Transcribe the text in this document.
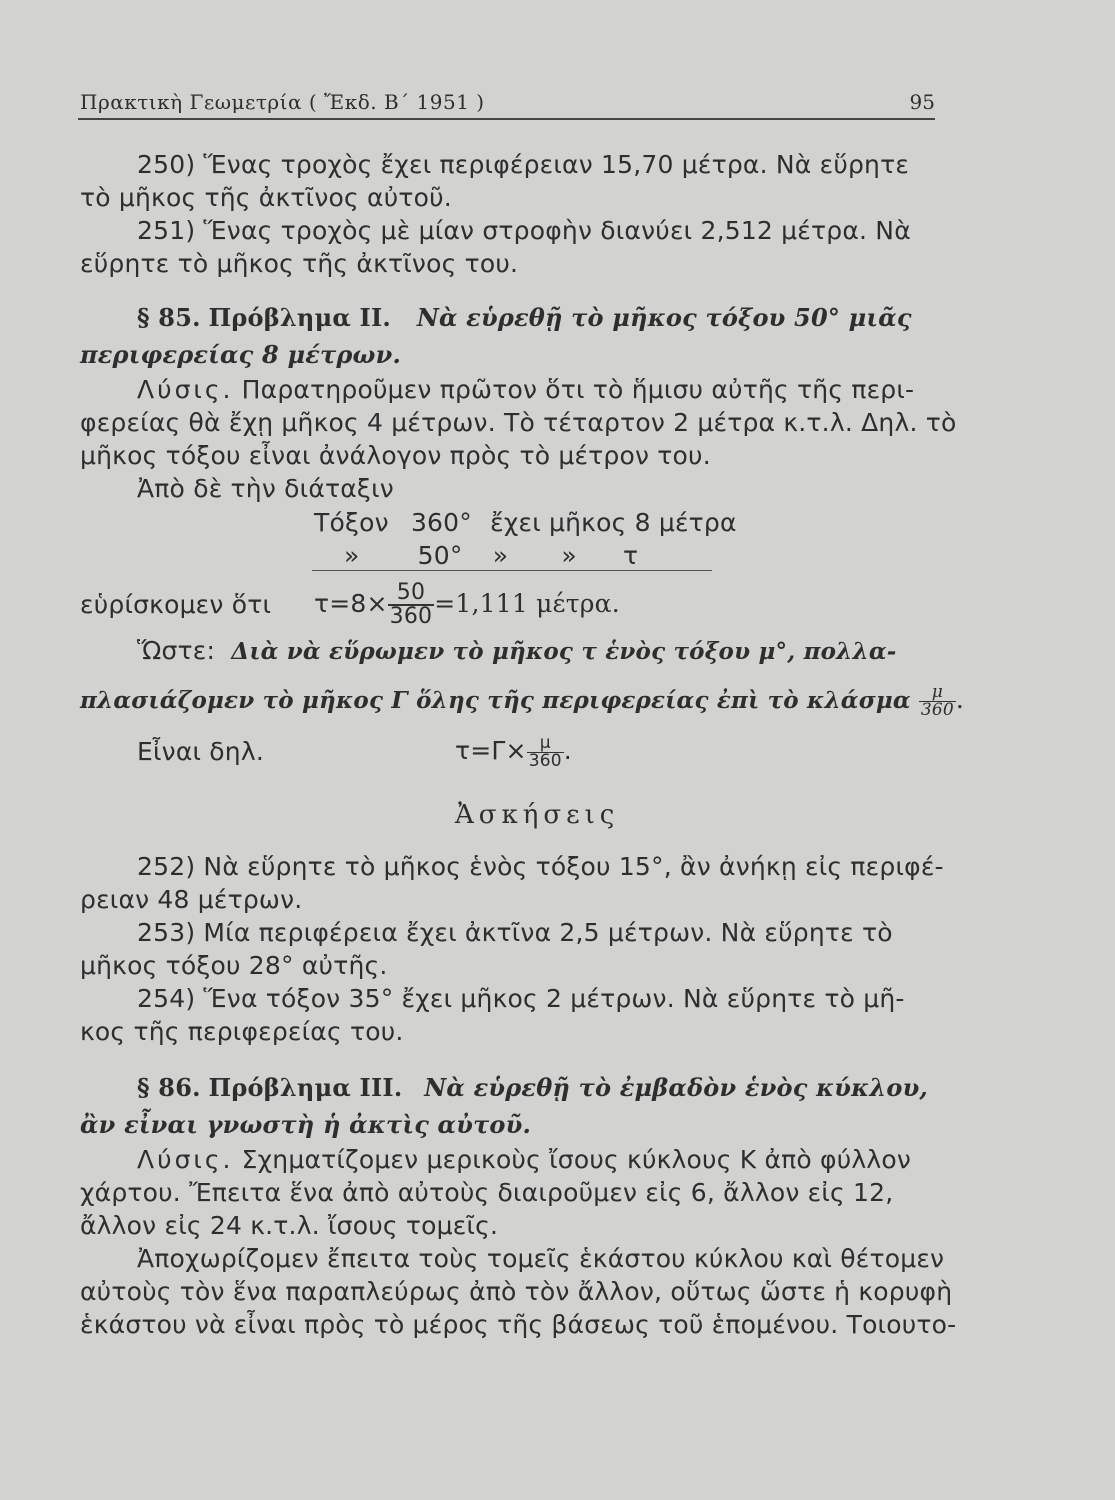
Πρακτικὴ Γεωμετρία ( Ἔκδ. Β΄ 1951 )	95
250) Ἕνας τροχὸς ἔχει περιφέρειαν 15,70 μέτρα. Νὰ εὕρητε
τὸ μῆκος τῆς ἀκτῖνος αὐτοῦ.
251) Ἕνας τροχὸς μὲ μίαν στροφὴν διανύει 2,512 μέτρα. Νὰ
εὕρητε τὸ μῆκος τῆς ἀκτῖνος του.
§ 85. Πρόβλημα ΙΙ. Νὰ εὑρεθῇ τὸ μῆκος τόξου 50° μιᾶς
περιφερείας 8 μέτρων.
Λύσις. Παρατηροῦμεν πρῶτον ὅτι τὸ ἥμισυ αὐτῆς τῆς περι-
φερείας θὰ ἔχῃ μῆκος 4 μέτρων. Τὸ τέταρτον 2 μέτρα κ.τ.λ. Δηλ. τὸ
μῆκος τόξου εἶναι ἀνάλογον πρὸς τὸ μέτρον του.
Ἀπὸ δὲ τὴν διάταξιν
Τόξον 360° ἔχει μῆκος 8 μέτρα
» 50° » » τ
εὑρίσκομεν ὅτι $\tau=8\times \frac{50}{360} =1,111$ μέτρα.
Ὥστε: Διὰ νὰ εὕρωμεν τὸ μῆκος τ ἑνὸς τόξου μ°, πολλα-
πλασιάζομεν τὸ μῆκος Γ ὅλης τῆς περιφερείας ἐπὶ τὸ κλάσμα $\frac{\mu}{360}$ .
Εἶναι δηλ.	$\tau=\Gamma\times \frac{\mu}{360}$ .
Ἀσκήσεις
252) Νὰ εὕρητε τὸ μῆκος ἑνὸς τόξου 15°, ἂν ἀνήκῃ εἰς περιφέ-
ρειαν 48 μέτρων.
253) Μία περιφέρεια ἔχει ἀκτῖνα 2,5 μέτρων. Νὰ εὕρητε τὸ
μῆκος τόξου 28° αὐτῆς.
254) Ἕνα τόξον 35° ἔχει μῆκος 2 μέτρων. Νὰ εὕρητε τὸ μῆ-
κος τῆς περιφερείας του.
§ 86. Πρόβλημα ΙΙΙ. Νὰ εὑρεθῇ τὸ ἐμβαδὸν ἑνὸς κύκλου,
ἂν εἶναι γνωστὴ ἡ ἀκτὶς αὐτοῦ.
Λύσις. Σχηματίζομεν μερικοὺς ἴσους κύκλους Κ ἀπὸ φύλλον
χάρτου. Ἔπειτα ἕνα ἀπὸ αὐτοὺς διαιροῦμεν εἰς 6, ἄλλον εἰς 12,
ἄλλον εἰς 24 κ.τ.λ. ἴσους τομεῖς.
Ἀποχωρίζομεν ἔπειτα τοὺς τομεῖς ἑκάστου κύκλου καὶ θέτομεν
αὐτοὺς τὸν ἕνα παραπλεύρως ἀπὸ τὸν ἄλλον, οὕτως ὥστε ἡ κορυφὴ
ἑκάστου νὰ εἶναι πρὸς τὸ μέρος τῆς βάσεως τοῦ ἑπομένου. Τοιουτο-
